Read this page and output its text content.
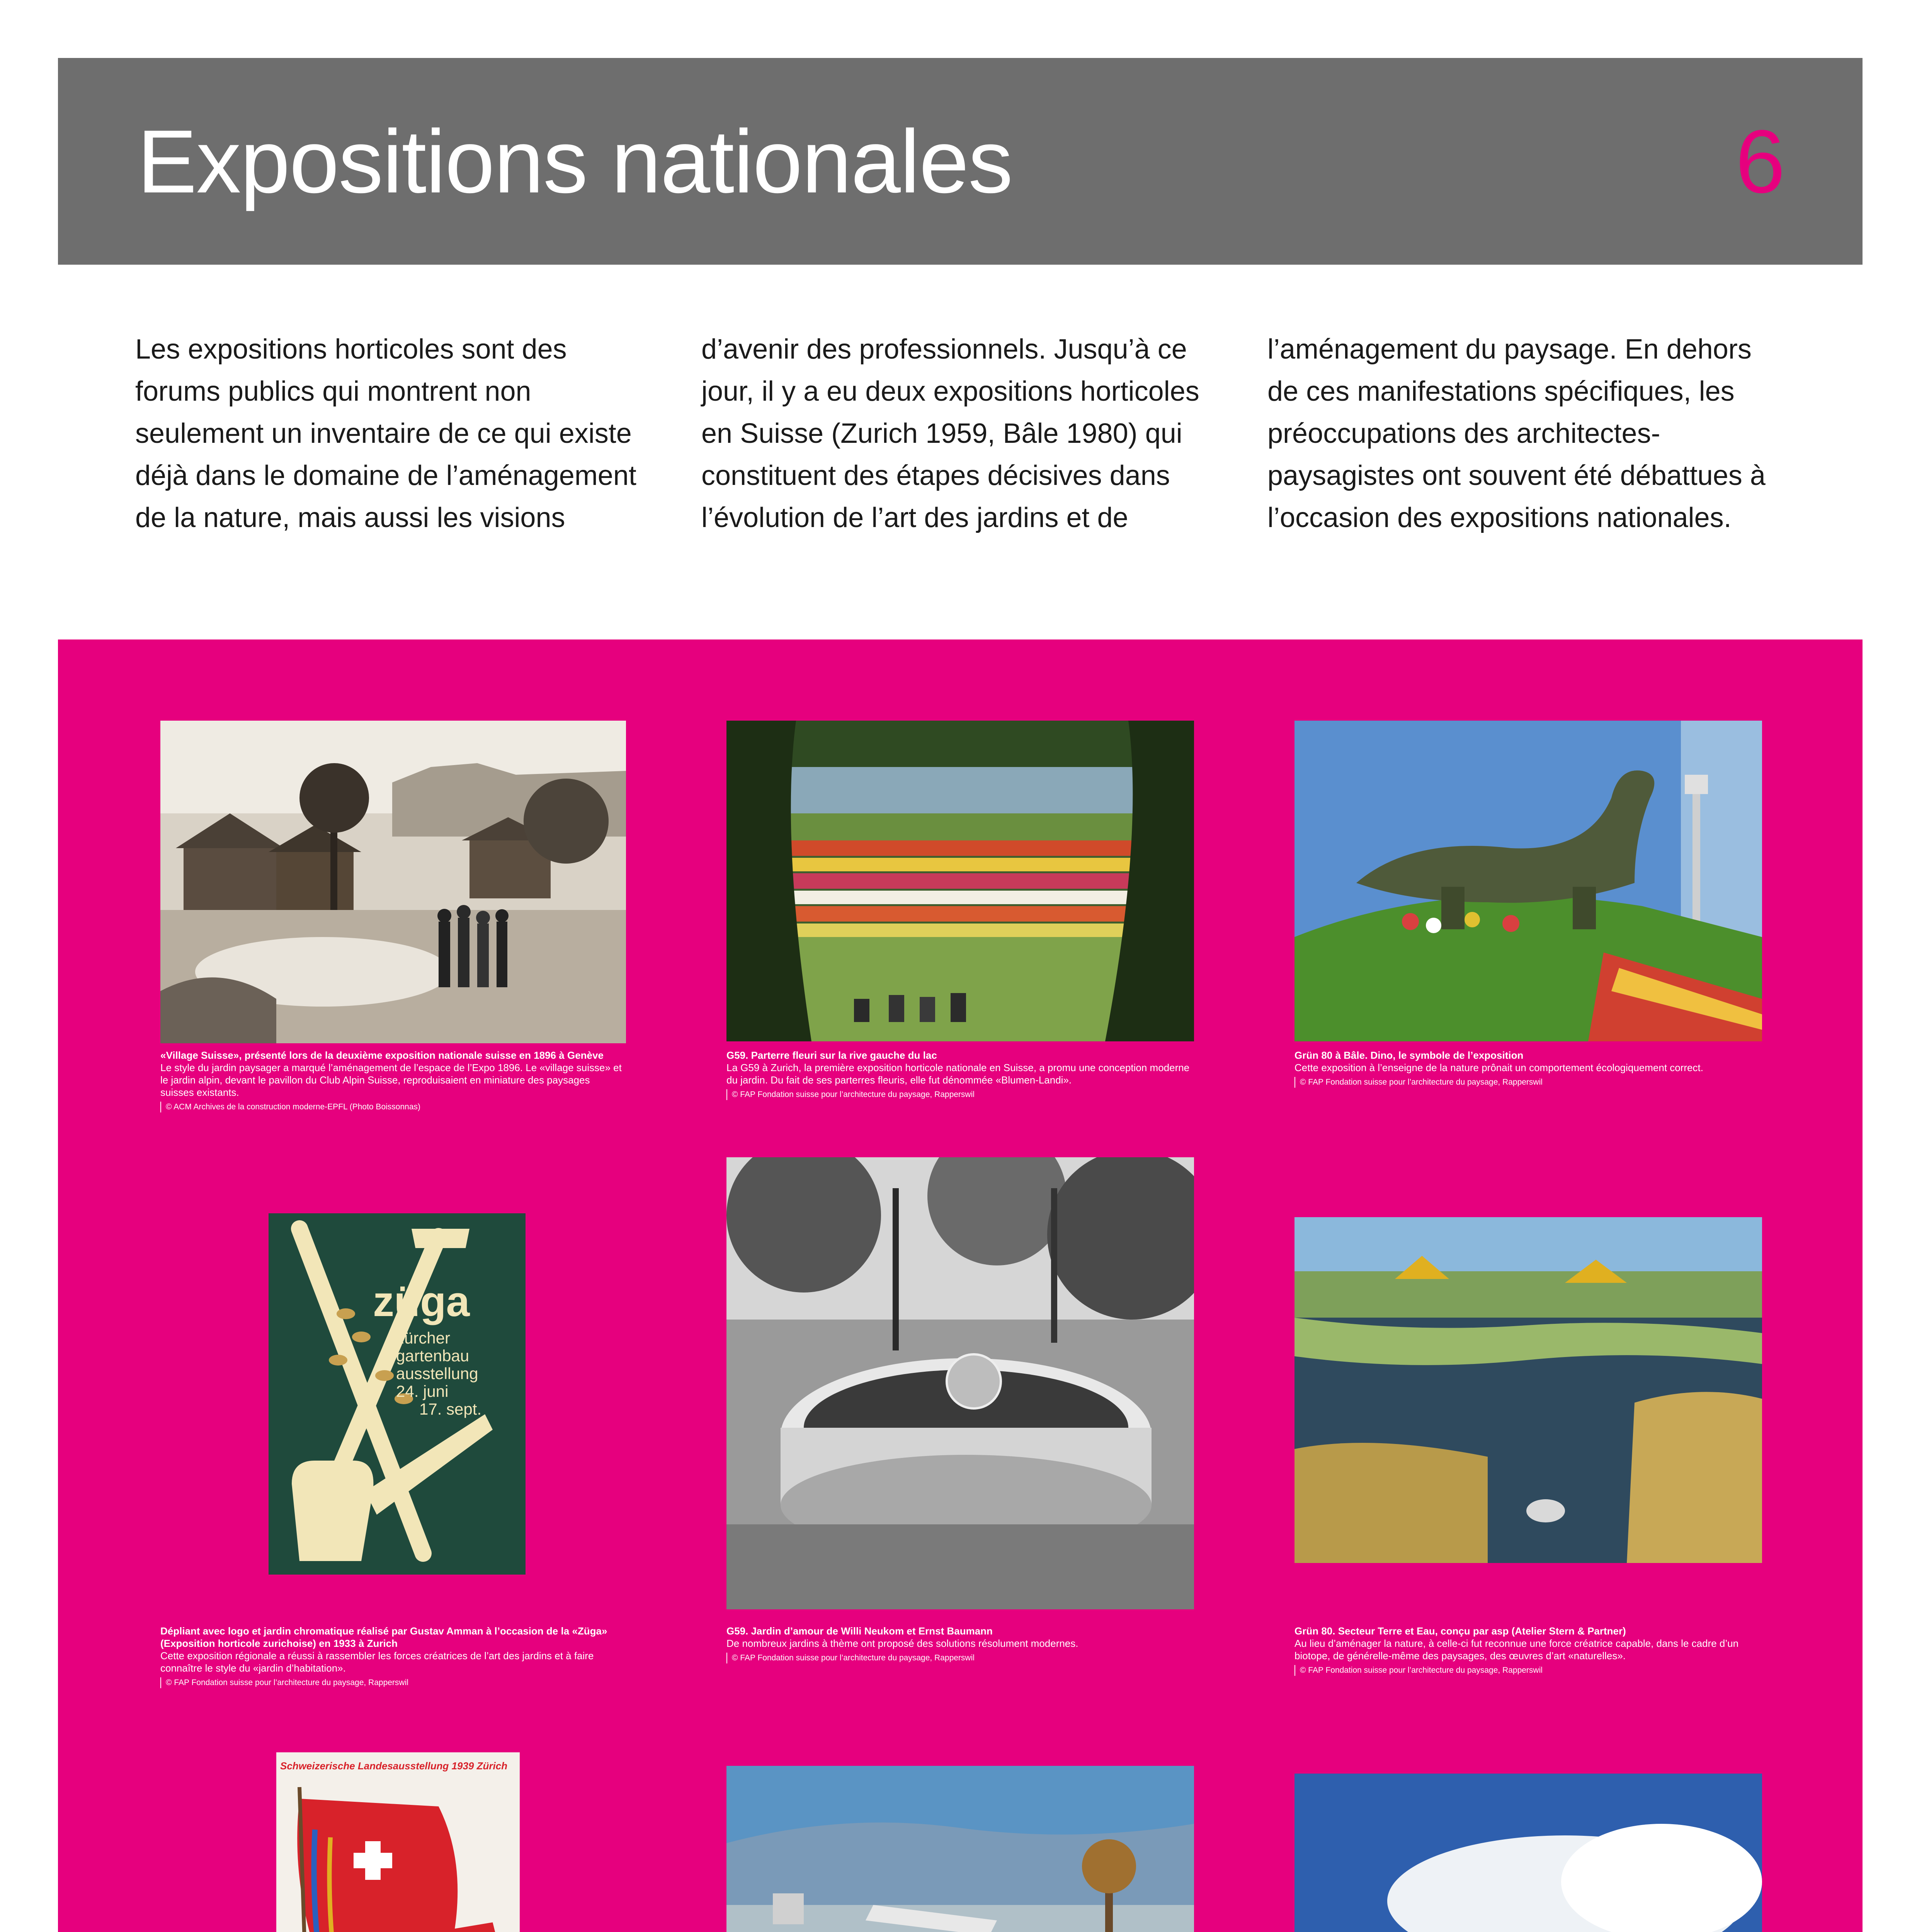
Expositions nationales	6

Les expositions horticoles sont des forums publics qui montrent non seulement un inventaire de ce qui existe déjà dans le domaine de l’aménagement de la nature, mais aussi les visions

d’avenir des professionnels. Jusqu’à ce jour, il y a eu deux expositions horticoles en Suisse (Zurich 1959, Bâle 1980) qui constituent des étapes décisives dans l’évolution de l’art des jardins et de

l’aménagement du paysage. En dehors de ces manifestations spécifiques, les préoccupations des architectes-paysagistes ont souvent été débattues à l’occasion des expositions nationales.

«Village Suisse», présenté lors de la deuxième exposition nationale suisse en 1896 à Genève
Le style du jardin paysager a marqué l’aménagement de l’espace de l’Expo 1896. Le «village suisse» et le jardin alpin, devant le pavillon du Club Alpin Suisse, reproduisaient en miniature des paysages suisses existants.
© ACM Archives de la construction moderne-EPFL (Photo Boissonnas)
G59. Parterre fleuri sur la rive gauche du lac
La G59 à Zurich, la première exposition horticole nationale en Suisse, a promu une conception moderne du jardin. Du fait de ses parterres fleuris, elle fut dénommée «Blumen-Landi».
© FAP Fondation suisse pour l’architecture du paysage, Rapperswil
Grün 80 à Bâle. Dino, le symbole de l’exposition
Cette exposition à l’enseigne de la nature prônait un comportement écologiquement correct.
© FAP Fondation suisse pour l’architecture du paysage, Rapperswil
züga
zürcher
gartenbau
ausstellung
24. juni
17. sept.
Dépliant avec logo et jardin chromatique réalisé par Gustav Amman à l’occasion de la «Züga» (Exposition horticole zurichoise) en 1933 à Zurich
Cette exposition régionale a réussi à rassembler les forces créatrices de l’art des jardins et à faire connaître le style du «jardin d’habitation».
© FAP Fondation suisse pour l’architecture du paysage, Rapperswil
G59. Jardin d’amour de Willi Neukom et Ernst Baumann
De nombreux jardins à thème ont proposé des solutions résolument modernes.
© FAP Fondation suisse pour l’architecture du paysage, Rapperswil
Grün 80. Secteur Terre et Eau, conçu par asp (Atelier Stern & Partner)
Au lieu d’aménager la nature, à celle-ci fut reconnue une force créatrice capable, dans le cadre d’un biotope, de générelle-même des paysages, des œuvres d’art «naturelles».
© FAP Fondation suisse pour l’architecture du paysage, Rapperswil
Schweizerische Landesausstellung 1939 Zürich
